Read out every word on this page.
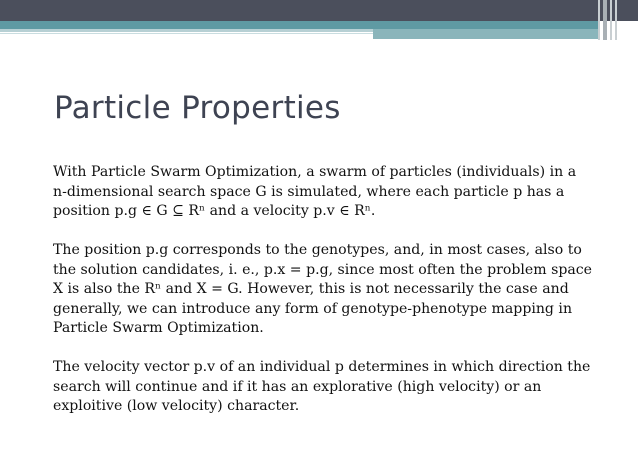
Particle Properties

With Particle Swarm Optimization, a swarm of particles (individuals) in a n-dimensional search space G is simulated, where each particle p has a position p.g ∈ G ⊆ Rⁿ and a velocity p.v ∈ Rⁿ.

The position p.g corresponds to the genotypes, and, in most cases, also to the solution candidates, i. e., p.x = p.g, since most often the problem space X is also the Rⁿ and X = G. However, this is not necessarily the case and generally, we can introduce any form of genotype-phenotype mapping in Particle Swarm Optimization.

The velocity vector p.v of an individual p determines in which direction the search will continue and if it has an explorative (high velocity) or an exploitive (low velocity) character.
